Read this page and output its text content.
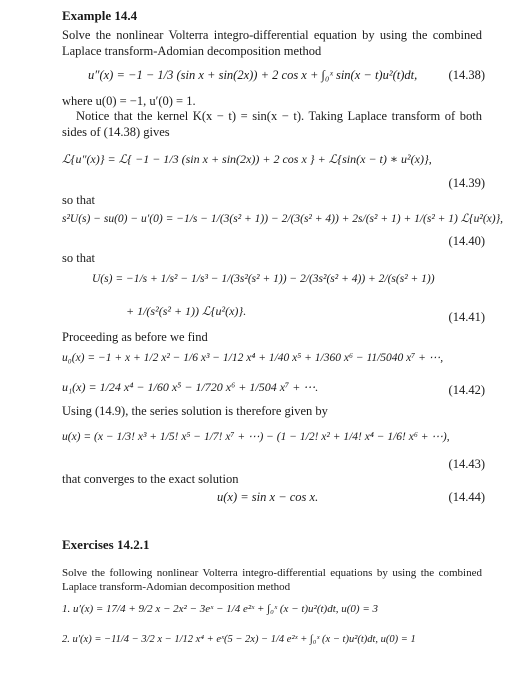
Example 14.4
Solve the nonlinear Volterra integro-differential equation by using the combined Laplace transform-Adomian decomposition method
u″(x) = −1 − 1/3 (sin x + sin(2x)) + 2 cos x + ∫₀ˣ sin(x − t)u²(t)dt,	(14.38)
where u(0) = −1, u′(0) = 1.
Notice that the kernel K(x − t) = sin(x − t). Taking Laplace transform of both sides of (14.38) gives
ℒ{u″(x)} = ℒ{ −1 − 1/3 (sin x + sin(2x)) + 2 cos x } + ℒ{sin(x − t) ∗ u²(x)},
(14.39)
so that
s²U(s) − su(0) − u′(0) = −1/s − 1/(3(s² + 1)) − 2/(3(s² + 4)) + 2s/(s² + 1) + 1/(s² + 1) ℒ{u²(x)},
(14.40)
so that
U(s) = −1/s + 1/s² − 1/s³ − 1/(3s²(s² + 1)) − 2/(3s²(s² + 4)) + 2/(s(s² + 1))
+ 1/(s²(s² + 1)) ℒ{u²(x)}.	(14.41)
Proceeding as before we find
u₀(x) = −1 + x + 1/2 x² − 1/6 x³ − 1/12 x⁴ + 1/40 x⁵ + 1/360 x⁶ − 11/5040 x⁷ + ⋯,
u₁(x) = 1/24 x⁴ − 1/60 x⁵ − 1/720 x⁶ + 1/504 x⁷ + ⋯.	(14.42)
Using (14.9), the series solution is therefore given by
u(x) = (x − 1/3! x³ + 1/5! x⁵ − 1/7! x⁷ + ⋯) − (1 − 1/2! x² + 1/4! x⁴ − 1/6! x⁶ + ⋯),
(14.43)
that converges to the exact solution
u(x) = sin x − cos x.	(14.44)
Exercises 14.2.1
Solve the following nonlinear Volterra integro-differential equations by using the combined Laplace transform-Adomian decomposition method
1. u′(x) = 17/4 + 9/2 x − 2x² − 3eˣ − 1/4 e²ˣ + ∫₀ˣ (x − t)u²(t)dt, u(0) = 3
2. u′(x) = −11/4 − 3/2 x − 1/12 x⁴ + eˣ(5 − 2x) − 1/4 e²ˣ + ∫₀ˣ (x − t)u²(t)dt, u(0) = 1
